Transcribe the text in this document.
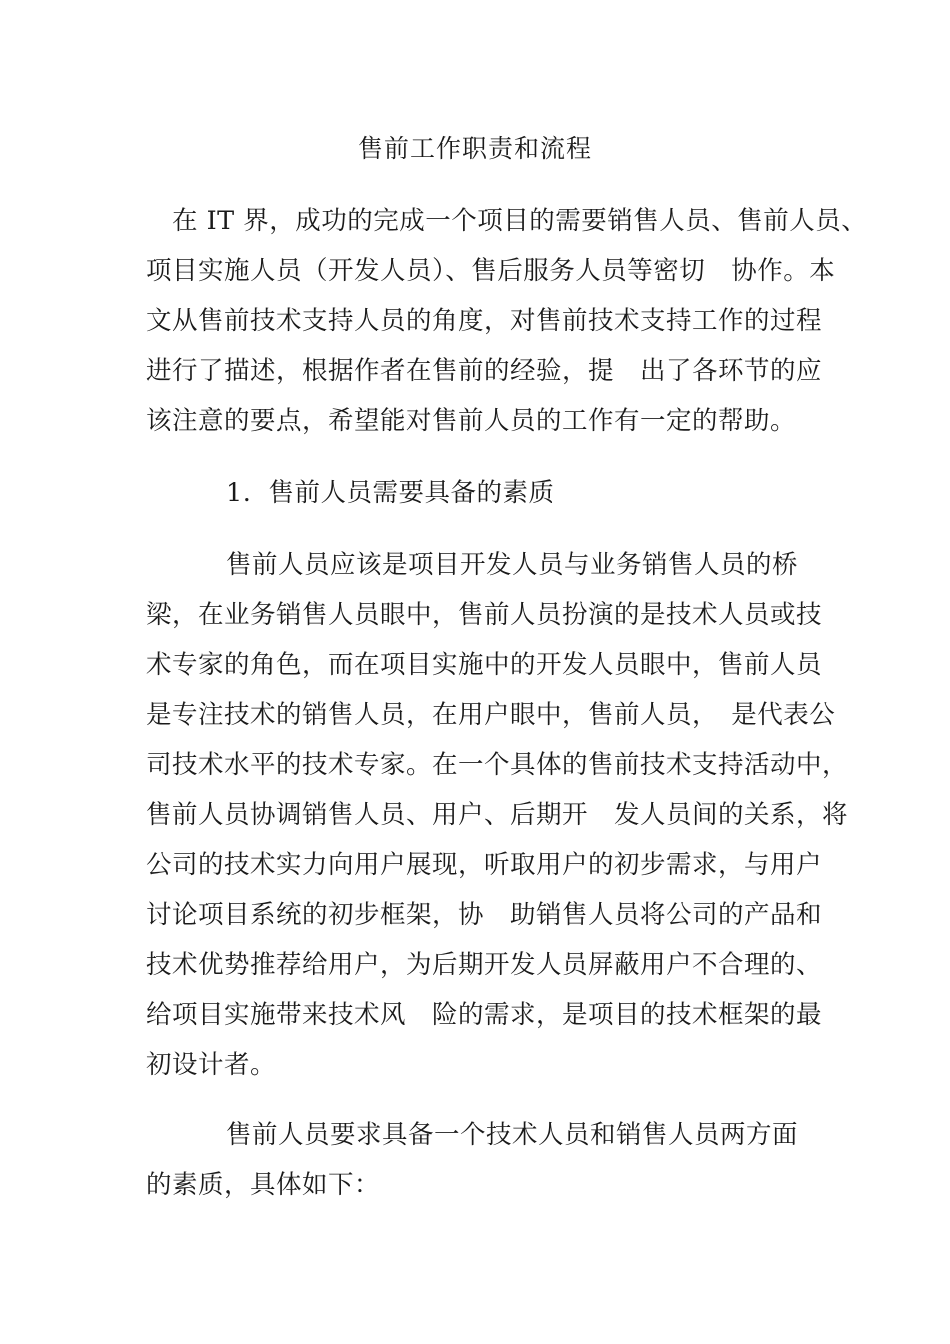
售前工作职责和流程
在 IT 界，成功的完成一个项目的需要销售人员、售前人员、
项目实施人员（开发人员）、售后服务人员等密切　协作。本
文从售前技术支持人员的角度，对售前技术支持工作的过程
进行了描述，根据作者在售前的经验，提　出了各环节的应
该注意的要点，希望能对售前人员的工作有一定的帮助。
1.  售前人员需要具备的素质
售前人员应该是项目开发人员与业务销售人员的桥
梁，在业务销售人员眼中，售前人员扮演的是技术人员或技
术专家的角色，而在项目实施中的开发人员眼中，售前人员
是专注技术的销售人员，在用户眼中，售前人员，　是代表公
司技术水平的技术专家。在一个具体的售前技术支持活动中，
售前人员协调销售人员、用户、后期开　发人员间的关系，将
公司的技术实力向用户展现，听取用户的初步需求，与用户
讨论项目系统的初步框架，协　助销售人员将公司的产品和
技术优势推荐给用户，为后期开发人员屏蔽用户不合理的、
给项目实施带来技术风　险的需求，是项目的技术框架的最
初设计者。
售前人员要求具备一个技术人员和销售人员两方面
的素质，具体如下：
